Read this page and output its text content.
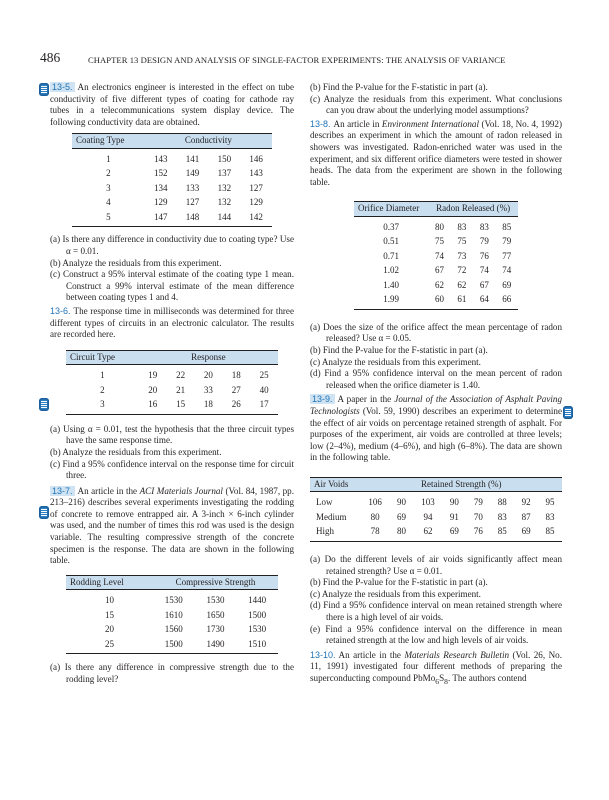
486	CHAPTER 13 DESIGN AND ANALYSIS OF SINGLE-FACTOR EXPERIMENTS: THE ANALYSIS OF VARIANCE

13-5. An electronics engineer is interested in the effect on tube conductivity of five different types of coating for cathode ray tubes in a telecommunications system display device. The following conductivity data are obtained.

Coating Type	Conductivity			

1	143	141	150	146
2	152	149	137	143
3	134	133	132	127
4	129	127	132	129
5	147	148	144	142
(a) Is there any difference in conductivity due to coating type? Use α = 0.01.
(b) Analyze the residuals from this experiment.
(c) Construct a 95% interval estimate of the coating type 1 mean. Construct a 99% interval estimate of the mean difference between coating types 1 and 4.

13-6. The response time in milliseconds was determined for three different types of circuits in an electronic calculator. The results are recorded here.

Circuit Type	Response				

1	19	22	20	18	25
2	20	21	33	27	40
3	16	15	18	26	17
(a) Using α = 0.01, test the hypothesis that the three circuit types have the same response time.
(b) Analyze the residuals from this experiment.
(c) Find a 95% confidence interval on the response time for circuit three.

13-7. An article in the ACI Materials Journal (Vol. 84, 1987, pp. 213–216) describes several experiments investigating the rodding of concrete to remove entrapped air. A 3-inch × 6-inch cylinder was used, and the number of times this rod was used is the design variable. The resulting compressive strength of the concrete specimen is the response. The data are shown in the following table.

Rodding Level	Compressive Strength		

10	1530	1530	1440
15	1610	1650	1500
20	1560	1730	1530
25	1500	1490	1510
(a) Is there any difference in compressive strength due to the rodding level?
(b) Find the P-value for the F-statistic in part (a).
(c) Analyze the residuals from this experiment. What conclusions can you draw about the underlying model assumptions?

13-8. An article in Environment International (Vol. 18, No. 4, 1992) describes an experiment in which the amount of radon released in showers was investigated. Radon-enriched water was used in the experiment, and six different orifice diameters were tested in shower heads. The data from the experiment are shown in the following table.

Orifice Diameter	Radon Released (%)			

0.37	80	83	83	85
0.51	75	75	79	79
0.71	74	73	76	77
1.02	67	72	74	74
1.40	62	62	67	69
1.99	60	61	64	66
(a) Does the size of the orifice affect the mean percentage of radon released? Use α = 0.05.
(b) Find the P-value for the F-statistic in part (a).
(c) Analyze the residuals from this experiment.
(d) Find a 95% confidence interval on the mean percent of radon released when the orifice diameter is 1.40.

13-9. A paper in the Journal of the Association of Asphalt Paving Technologists (Vol. 59, 1990) describes an experiment to determine the effect of air voids on percentage retained strength of asphalt. For purposes of the experiment, air voids are controlled at three levels; low (2–4%), medium (4–6%), and high (6–8%). The data are shown in the following table.

Air Voids	Retained Strength (%)							

Low	106	90	103	90	79	88	92	95
Medium	80	69	94	91	70	83	87	83
High	78	80	62	69	76	85	69	85
(a) Do the different levels of air voids significantly affect mean retained strength? Use α = 0.01.
(b) Find the P-value for the F-statistic in part (a).
(c) Analyze the residuals from this experiment.
(d) Find a 95% confidence interval on mean retained strength where there is a high level of air voids.
(e) Find a 95% confidence interval on the difference in mean retained strength at the low and high levels of air voids.

13-10. An article in the Materials Research Bulletin (Vol. 26, No. 11, 1991) investigated four different methods of preparing the superconducting compound $PbMo_6S_8$. The authors contend
